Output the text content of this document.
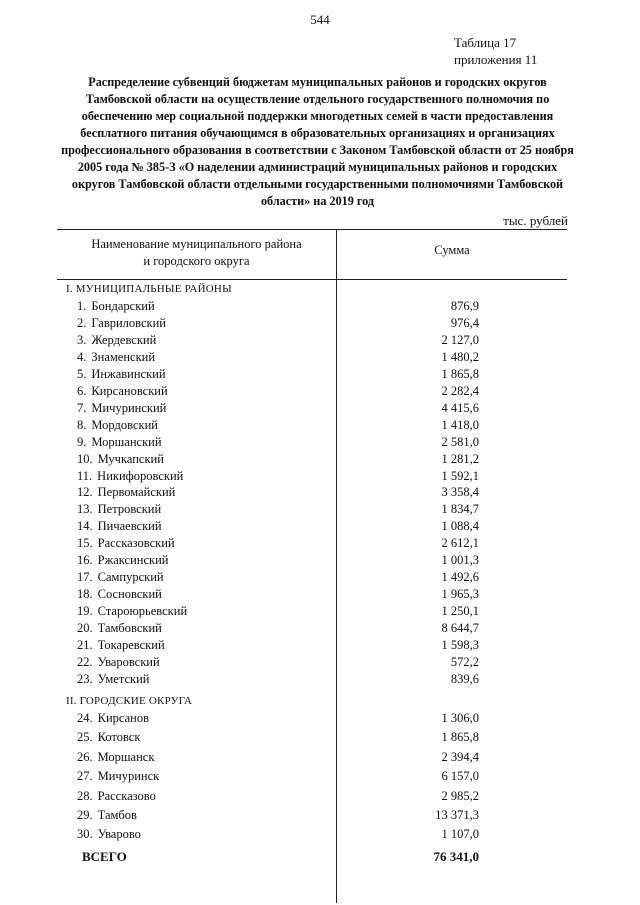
544
Таблица 17
приложения 11
Распределение субвенций бюджетам муниципальных районов и городских округов Тамбовской области на осуществление отдельного государственного полномочия по обеспечению мер социальной поддержки многодетных семей в части предоставления бесплатного питания обучающимся в образовательных организациях и организациях профессионального образования в соответствии с Законом Тамбовской области от 25 ноября 2005 года № 385-З «О наделении администраций муниципальных районов и городских округов Тамбовской области отдельными государственными полномочиями Тамбовской области» на 2019 год
тыс. рублей
Наименование муниципального района
и городского округа
Сумма
I. МУНИЦИПАЛЬНЫЕ РАЙОНЫ
1. Бондарский	876,9
2. Гавриловский	976,4
3. Жердевский	2 127,0
4. Знаменский	1 480,2
5. Инжавинский	1 865,8
6. Кирсановский	2 282,4
7. Мичуринский	4 415,6
8. Мордовский	1 418,0
9. Моршанский	2 581,0
10. Мучкапский	1 281,2
11. Никифоровский	1 592,1
12. Первомайский	3 358,4
13. Петровский	1 834,7
14. Пичаевский	1 088,4
15. Рассказовский	2 612,1
16. Ржаксинский	1 001,3
17. Сампурский	1 492,6
18. Сосновский	1 965,3
19. Староюрьевский	1 250,1
20. Тамбовский	8 644,7
21. Токаревский	1 598,3
22. Уваровский	572,2
23. Уметский	839,6
II. ГОРОДСКИЕ ОКРУГА
24. Кирсанов	1 306,0
25. Котовск	1 865,8
26. Моршанск	2 394,4
27. Мичуринск	6 157,0
28. Рассказово	2 985,2
29. Тамбов	13 371,3
30. Уварово	1 107,0
ВСЕГО	76 341,0
